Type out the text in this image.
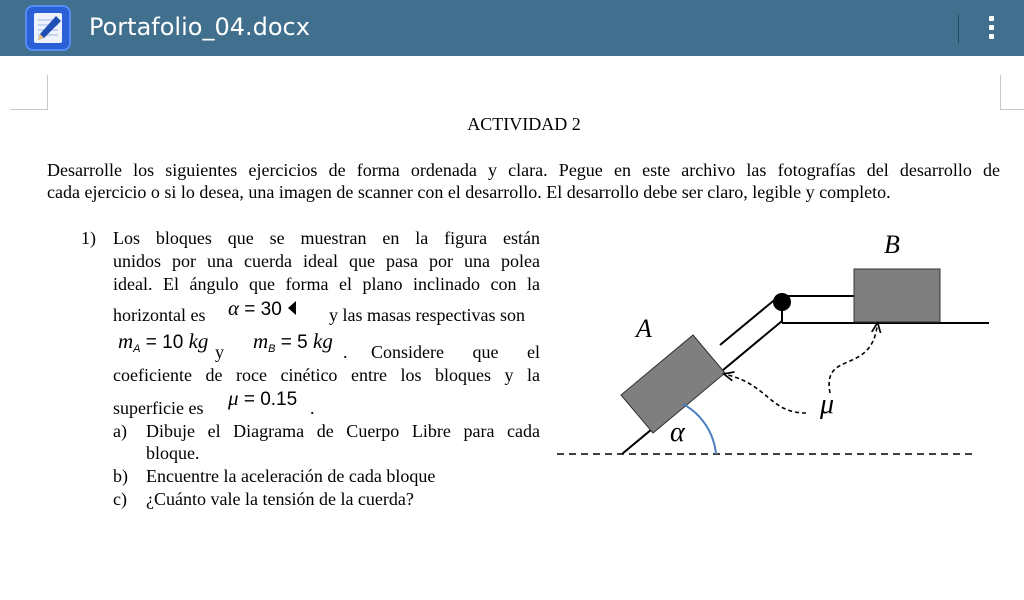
Portafolio_04.docx
ACTIVIDAD 2
Desarrolle los siguientes ejercicios de forma ordenada y clara. Pegue en este archivo las fotografías del desarrollo de
cada ejercicio o si lo desea, una imagen de scanner con el desarrollo. El desarrollo debe ser claro, legible y completo.
1) Los bloques que se muestran en la figura están
unidos por una cuerda ideal que pasa por una polea
ideal. El ángulo que forma el plano inclinado con la
horizontal es α = 30	y las masas respectivas son
$m_A = 10$ kg y $m_B = 5$ kg . Considere que el
coeficiente de roce cinético entre los bloques y la
superficie es μ = 0.15 .
a) Dibuje el Diagrama de Cuerpo Libre para cada
bloque.
b) Encuentre la aceleración de cada bloque
c) ¿Cuánto vale la tensión de la cuerda?
A
B
α
μ
